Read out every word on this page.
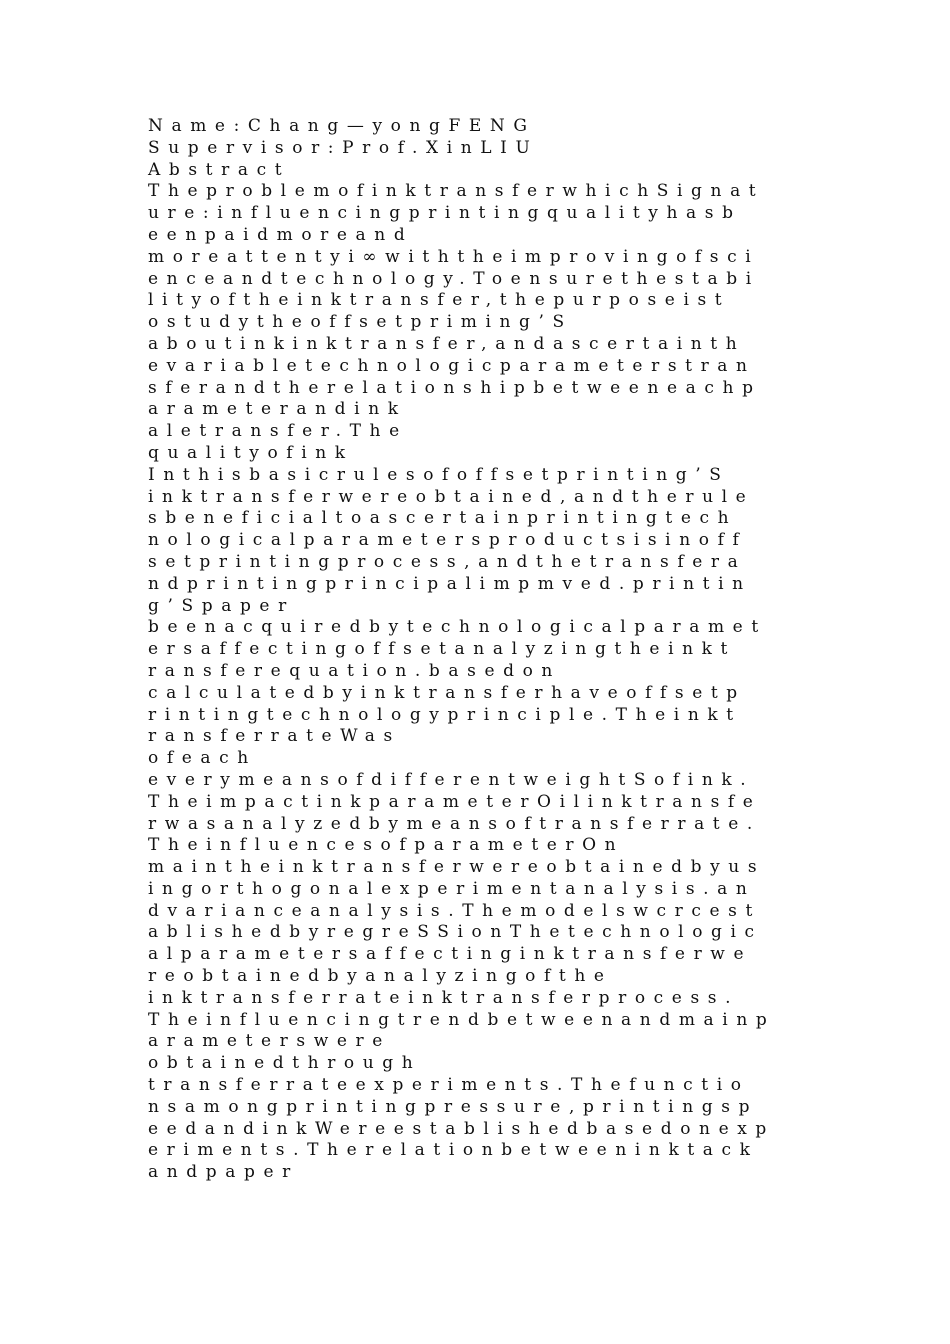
Name:Chang—yongFENG
Supervisor:Prof.XinLIU
Abstract
TheproblemofinktransferwhichSignat
ure:influencingprintingqualityhasb
eenpaidmoreand
moreattentyi∞withtheimprovingofsci
enceandtechnology.Toensurethestabi
lityoftheinktransfer,thepurposeist
ostudytheoffsetpriming’S
aboutinkinktransfer,andascertainth
evariabletechnologicparameterstran
sferandtherelationshipbetweeneachp
arameterandink
aletransfer.The
qualityofink
Inthisbasicrulesofoffsetprinting’S
inktransferwereobtained,andtherule
sbeneficialtoascertainprintingtech
nologicalparametersproductsisinoff
setprintingprocess,andthetransfera
ndprintingprincipalimpmved.printin
g’Spaper
beenacquiredbytechnologicalparamet
ersaffectingoffsetanalyzingtheinkt
ransferequation.basedon
calculatedbyinktransferhaveoffsetp
rintingtechnologyprinciple.Theinkt
ransferrateWas
ofeach
everymeansofdifferentweightSofink.
TheimpactinkparameterOilinktransfe
rwasanalyzedbymeansoftransferrate.
TheinfluencesofparameterOn
maintheinktransferwereobtainedbyus
ingorthogonalexperimentanalysis.an
dvarianceanalysis.Themodelswcrcest
ablishedbyregreSSionThetechnologic
alparametersaffectinginktransferwe
reobtainedbyanalyzingofthe
inktransferrateinktransferprocess.
Theinfluencingtrendbetweenandmainp
arameterswere
obtainedthrough
transferrateexperiments.Thefunctio
nsamongprintingpressure,printingsp
eedandinkWereestablishedbasedonexp
eriments.Therelationbetweeninktack
andpaper
